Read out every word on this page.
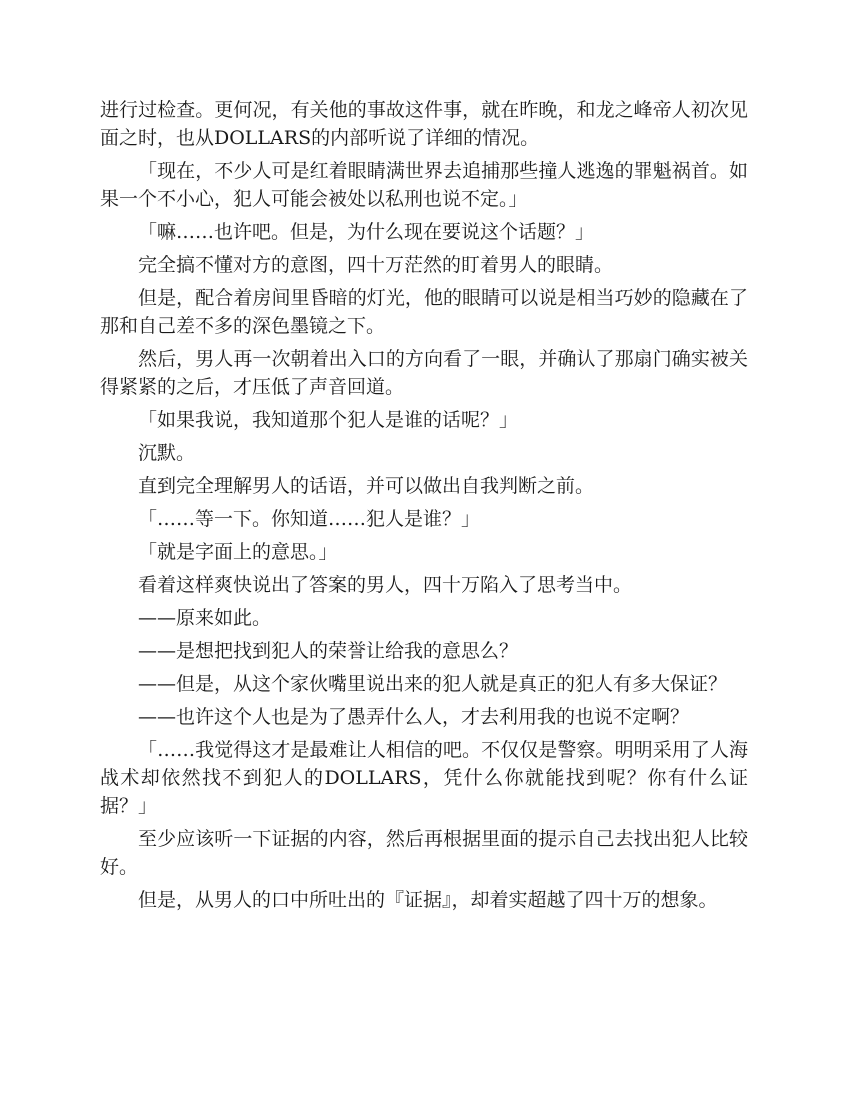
进行过检查。更何况，有关他的事故这件事，就在昨晚，和龙之峰帝人初次见面之时，也从DOLLARS的内部听说了详细的情况。

「现在，不少人可是红着眼睛满世界去追捕那些撞人逃逸的罪魁祸首。如果一个不小心，犯人可能会被处以私刑也说不定。」

「嘛……也许吧。但是，为什么现在要说这个话题？」

完全搞不懂对方的意图，四十万茫然的盯着男人的眼睛。

但是，配合着房间里昏暗的灯光，他的眼睛可以说是相当巧妙的隐藏在了那和自己差不多的深色墨镜之下。

然后，男人再一次朝着出入口的方向看了一眼，并确认了那扇门确实被关得紧紧的之后，才压低了声音回道。

「如果我说，我知道那个犯人是谁的话呢？」

沉默。

直到完全理解男人的话语，并可以做出自我判断之前。

「……等一下。你知道……犯人是谁？」

「就是字面上的意思。」

看着这样爽快说出了答案的男人，四十万陷入了思考当中。

——原来如此。

——是想把找到犯人的荣誉让给我的意思么？

——但是，从这个家伙嘴里说出来的犯人就是真正的犯人有多大保证？

——也许这个人也是为了愚弄什么人，才去利用我的也说不定啊？

「……我觉得这才是最难让人相信的吧。不仅仅是警察。明明采用了人海战术却依然找不到犯人的DOLLARS，凭什么你就能找到呢？你有什么证据？」

至少应该听一下证据的内容，然后再根据里面的提示自己去找出犯人比较好。

但是，从男人的口中所吐出的『证据』，却着实超越了四十万的想象。
